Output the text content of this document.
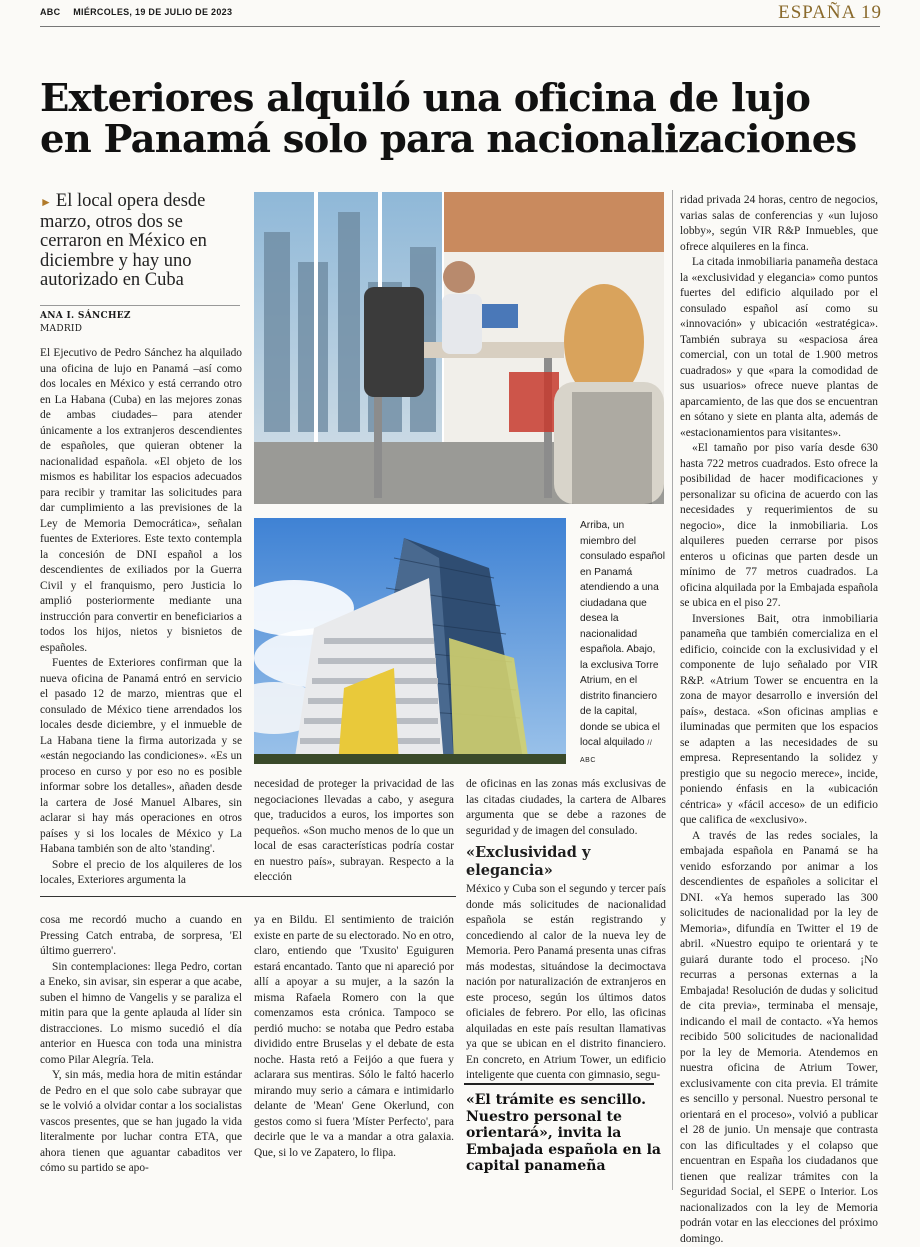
ABC MIÉRCOLES, 19 DE JULIO DE 2023	ESPAÑA 19
Exteriores alquiló una oficina de lujo en Panamá solo para nacionalizaciones
► El local opera desde marzo, otros dos se cerraron en México en diciembre y hay uno autorizado en Cuba
ANA I. SÁNCHEZ
MADRID

El Ejecutivo de Pedro Sánchez ha alquilado una oficina de lujo en Panamá –así como dos locales en México y está cerrando otro en La Habana (Cuba) en las mejores zonas de ambas ciudades– para atender únicamente a los extranjeros descendientes de españoles, que quieran obtener la nacionalidad española. «El objeto de los mismos es habilitar los espacios adecuados para recibir y tramitar las solicitudes para dar cumplimiento a las previsiones de la Ley de Memoria Democrática», señalan fuentes de Exteriores. Este texto contempla la concesión de DNI español a los descendientes de exiliados por la Guerra Civil y el franquismo, pero Justicia lo amplió posteriormente mediante una instrucción para convertir en beneficiarios a todos los hijos, nietos y bisnietos de españoles.

Fuentes de Exteriores confirman que la nueva oficina de Panamá entró en servicio el pasado 12 de marzo, mientras que el consulado de México tiene arrendados los locales desde diciembre, y el inmueble de La Habana tiene la firma autorizada y se «están negociando las condiciones». «Es un proceso en curso y por eso no es posible informar sobre los detalles», añaden desde la cartera de José Manuel Albares, sin aclarar si hay más operaciones en otros países y si los locales de México y La Habana también son de alto 'standing'.

Sobre el precio de los alquileres de los locales, Exteriores argumenta la

Arriba, un miembro del consulado español en Panamá atendiendo a una ciudadana que desea la nacionalidad española. Abajo, la exclusiva Torre Atrium, en el distrito financiero de la capital, donde se ubica el local alquilado // ABC

necesidad de proteger la privacidad de las negociaciones llevadas a cabo, y asegura que, traducidos a euros, los importes son pequeños. «Son mucho menos de lo que un local de esas características podría costar en nuestro país», subrayan. Respecto a la elección

de oficinas en las zonas más exclusivas de las citadas ciudades, la cartera de Albares argumenta que se debe a razones de seguridad y de imagen del consulado.

«Exclusividad y elegancia»

México y Cuba son el segundo y tercer país donde más solicitudes de nacionalidad española se están registrando y concediendo al calor de la nueva ley de Memoria. Pero Panamá presenta unas cifras más modestas, situándose la decimoctava nación por naturalización de extranjeros en este proceso, según los últimos datos oficiales de febrero. Por ello, las oficinas alquiladas en este país resultan llamativas ya que se ubican en el distrito financiero. En concreto, en Atrium Tower, un edificio inteligente que cuenta con gimnasio, segu-

«El trámite es sencillo. Nuestro personal te orientará», invita la Embajada española en la capital panameña

ridad privada 24 horas, centro de negocios, varias salas de conferencias y «un lujoso lobby», según VIR R&P Inmuebles, que ofrece alquileres en la finca.

La citada inmobiliaria panameña destaca la «exclusividad y elegancia» como puntos fuertes del edificio alquilado por el consulado español así como su «innovación» y ubicación «estratégica». También subraya su «espaciosa área comercial, con un total de 1.900 metros cuadrados» y que «para la comodidad de sus usuarios» ofrece nueve plantas de aparcamiento, de las que dos se encuentran en sótano y siete en planta alta, además de «estacionamientos para visitantes».

«El tamaño por piso varía desde 630 hasta 722 metros cuadrados. Esto ofrece la posibilidad de hacer modificaciones y personalizar su oficina de acuerdo con las necesidades y requerimientos de su negocio», dice la inmobiliaria. Los alquileres pueden cerrarse por pisos enteros u oficinas que parten desde un mínimo de 77 metros cuadrados. La oficina alquilada por la Embajada española se ubica en el piso 27.

Inversiones Bait, otra inmobiliaria panameña que también comercializa en el edificio, coincide con la exclusividad y el componente de lujo señalado por VIR R&P. «Atrium Tower se encuentra en la zona de mayor desarrollo e inversión del país», destaca. «Son oficinas amplias e iluminadas que permiten que los espacios se adapten a las necesidades de su empresa. Representando la solidez y prestigio que su negocio merece», incide, poniendo énfasis en la «ubicación céntrica» y «fácil acceso» de un edificio que califica de «exclusivo».

A través de las redes sociales, la embajada española en Panamá se ha venido esforzando por animar a los descendientes de españoles a solicitar el DNI. «Ya hemos superado las 300 solicitudes de nacionalidad por la ley de Memoria», difundía en Twitter el 19 de abril. «Nuestro equipo te orientará y te guiará durante todo el proceso. ¡No recurras a personas externas a la Embajada! Resolución de dudas y solicitud de cita previa», terminaba el mensaje, indicando el mail de contacto. «Ya hemos recibido 500 solicitudes de nacionalidad por la ley de Memoria. Atendemos en nuestra oficina de Atrium Tower, exclusivamente con cita previa. El trámite es sencillo y personal. Nuestro personal te orientará en el proceso», volvió a publicar el 28 de junio. Un mensaje que contrasta con las dificultades y el colapso que encuentran en España los ciudadanos que tienen que realizar trámites con la Seguridad Social, el SEPE o Interior. Los nacionalizados con la ley de Memoria podrán votar en las elecciones del próximo domingo.

cosa me recordó mucho a cuando en Pressing Catch entraba, de sorpresa, 'El último guerrero'.

Sin contemplaciones: llega Pedro, cortan a Eneko, sin avisar, sin esperar a que acabe, suben el himno de Vangelis y se paraliza el mitin para que la gente aplauda al líder sin distracciones. Lo mismo sucedió el día anterior en Huesca con toda una ministra como Pilar Alegría. Tela.

Y, sin más, media hora de mitin estándar de Pedro en el que solo cabe subrayar que se le volvió a olvidar contar a los socialistas vascos presentes, que se han jugado la vida literalmente por luchar contra ETA, que ahora tienen que aguantar cabaditos ver cómo su partido se apo-

ya en Bildu. El sentimiento de traición existe en parte de su electorado. No en otro, claro, entiendo que 'Txusito' Eguiguren estará encantado. Tanto que ni apareció por allí a apoyar a su mujer, a la sazón la misma Rafaela Romero con la que comenzamos esta crónica. Tampoco se perdió mucho: se notaba que Pedro estaba dividido entre Bruselas y el debate de esta noche. Hasta retó a Feijóo a que fuera y aclarara sus mentiras. Sólo le faltó hacerlo mirando muy serio a cámara e intimidarlo delante de 'Mean' Gene Okerlund, con gestos como si fuera 'Míster Perfecto', para decirle que le va a mandar a otra galaxia. Que, si lo ve Zapatero, lo flipa.
